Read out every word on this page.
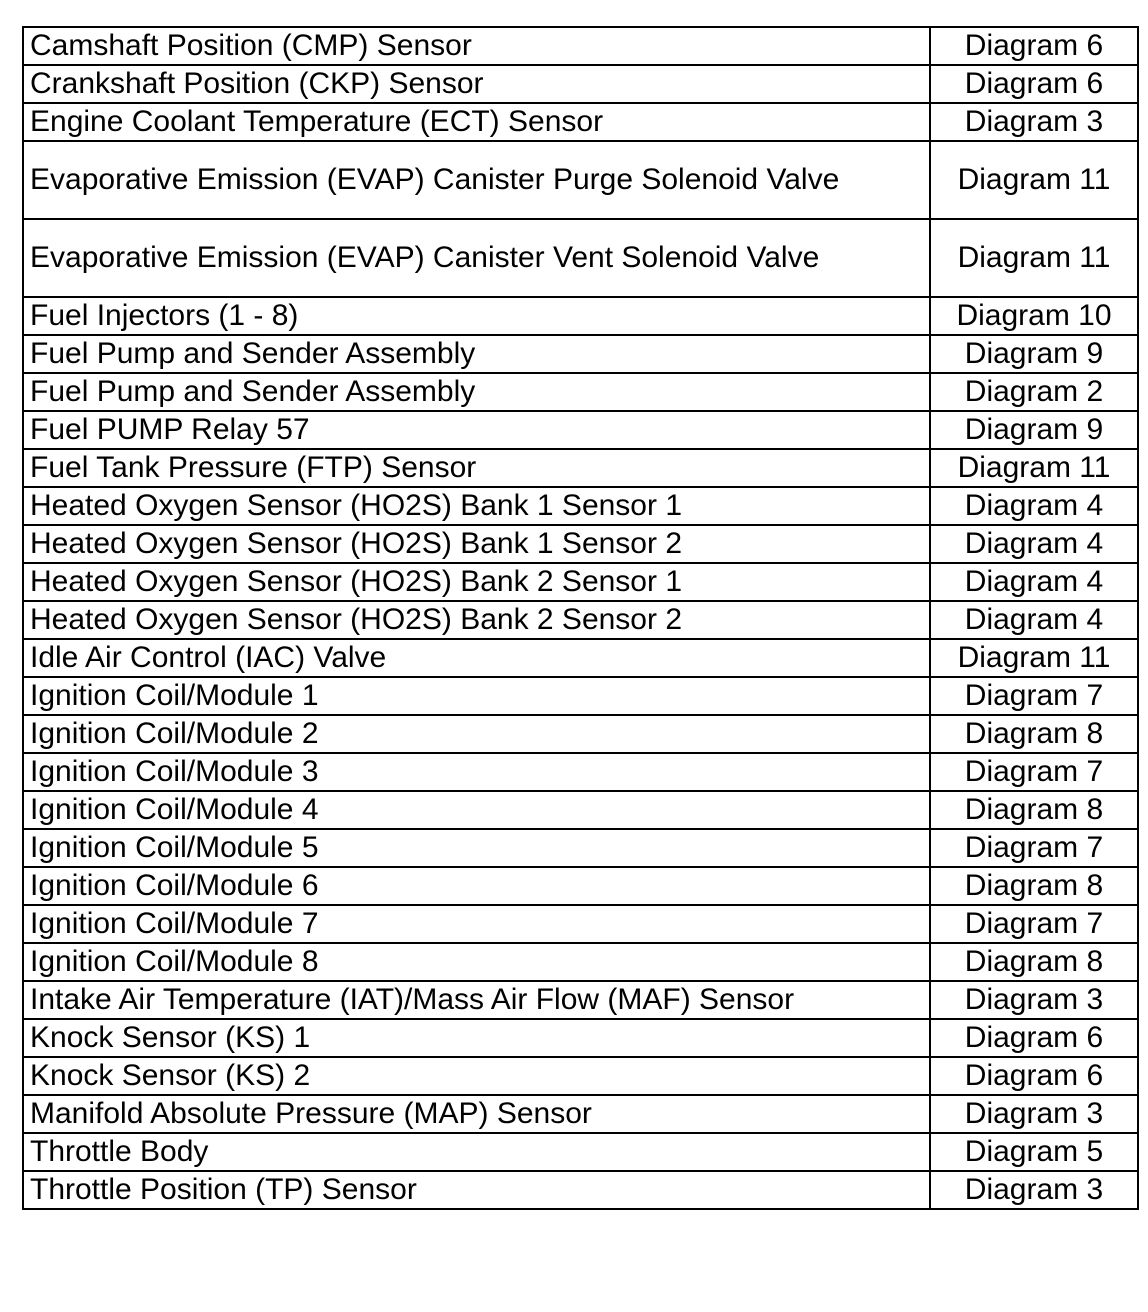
Camshaft Position (CMP) Sensor	Diagram 6
Crankshaft Position (CKP) Sensor	Diagram 6
Engine Coolant Temperature (ECT) Sensor	Diagram 3
Evaporative Emission (EVAP) Canister Purge Solenoid Valve	Diagram 11
Evaporative Emission (EVAP) Canister Vent Solenoid Valve	Diagram 11
Fuel Injectors (1 - 8)	Diagram 10
Fuel Pump and Sender Assembly	Diagram 9
Fuel Pump and Sender Assembly	Diagram 2
Fuel PUMP Relay 57	Diagram 9
Fuel Tank Pressure (FTP) Sensor	Diagram 11
Heated Oxygen Sensor (HO2S) Bank 1 Sensor 1	Diagram 4
Heated Oxygen Sensor (HO2S) Bank 1 Sensor 2	Diagram 4
Heated Oxygen Sensor (HO2S) Bank 2 Sensor 1	Diagram 4
Heated Oxygen Sensor (HO2S) Bank 2 Sensor 2	Diagram 4
Idle Air Control (IAC) Valve	Diagram 11
Ignition Coil/Module 1	Diagram 7
Ignition Coil/Module 2	Diagram 8
Ignition Coil/Module 3	Diagram 7
Ignition Coil/Module 4	Diagram 8
Ignition Coil/Module 5	Diagram 7
Ignition Coil/Module 6	Diagram 8
Ignition Coil/Module 7	Diagram 7
Ignition Coil/Module 8	Diagram 8
Intake Air Temperature (IAT)/Mass Air Flow (MAF) Sensor	Diagram 3
Knock Sensor (KS) 1	Diagram 6
Knock Sensor (KS) 2	Diagram 6
Manifold Absolute Pressure (MAP) Sensor	Diagram 3
Throttle Body	Diagram 5
Throttle Position (TP) Sensor	Diagram 3
